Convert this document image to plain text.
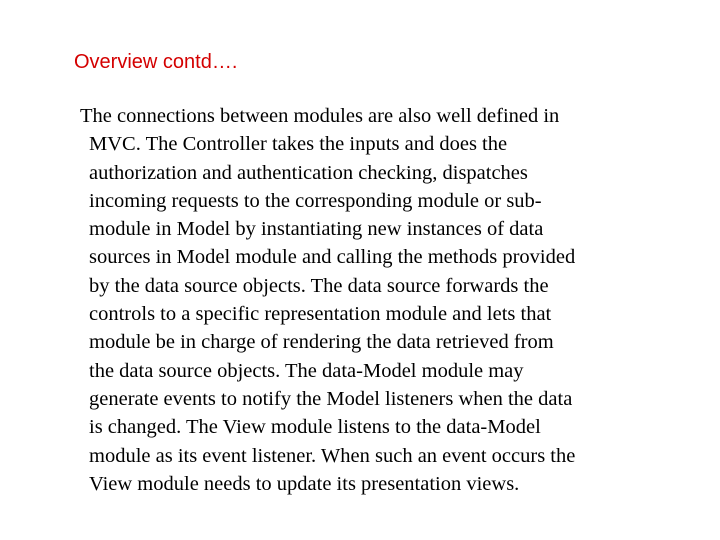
Overview contd….
The connections between modules are also well defined in
MVC. The Controller takes the inputs and does the
authorization and authentication checking, dispatches
incoming requests to the corresponding module or sub-
module in Model by instantiating new instances of data
sources in Model module and calling the methods provided
by the data source objects. The data source forwards the
controls to a specific representation module and lets that
module be in charge of rendering the data retrieved from
the data source objects. The data-Model module may
generate events to notify the Model listeners when the data
is changed. The View module listens to the data-Model
module as its event listener. When such an event occurs the
View module needs to update its presentation views.
